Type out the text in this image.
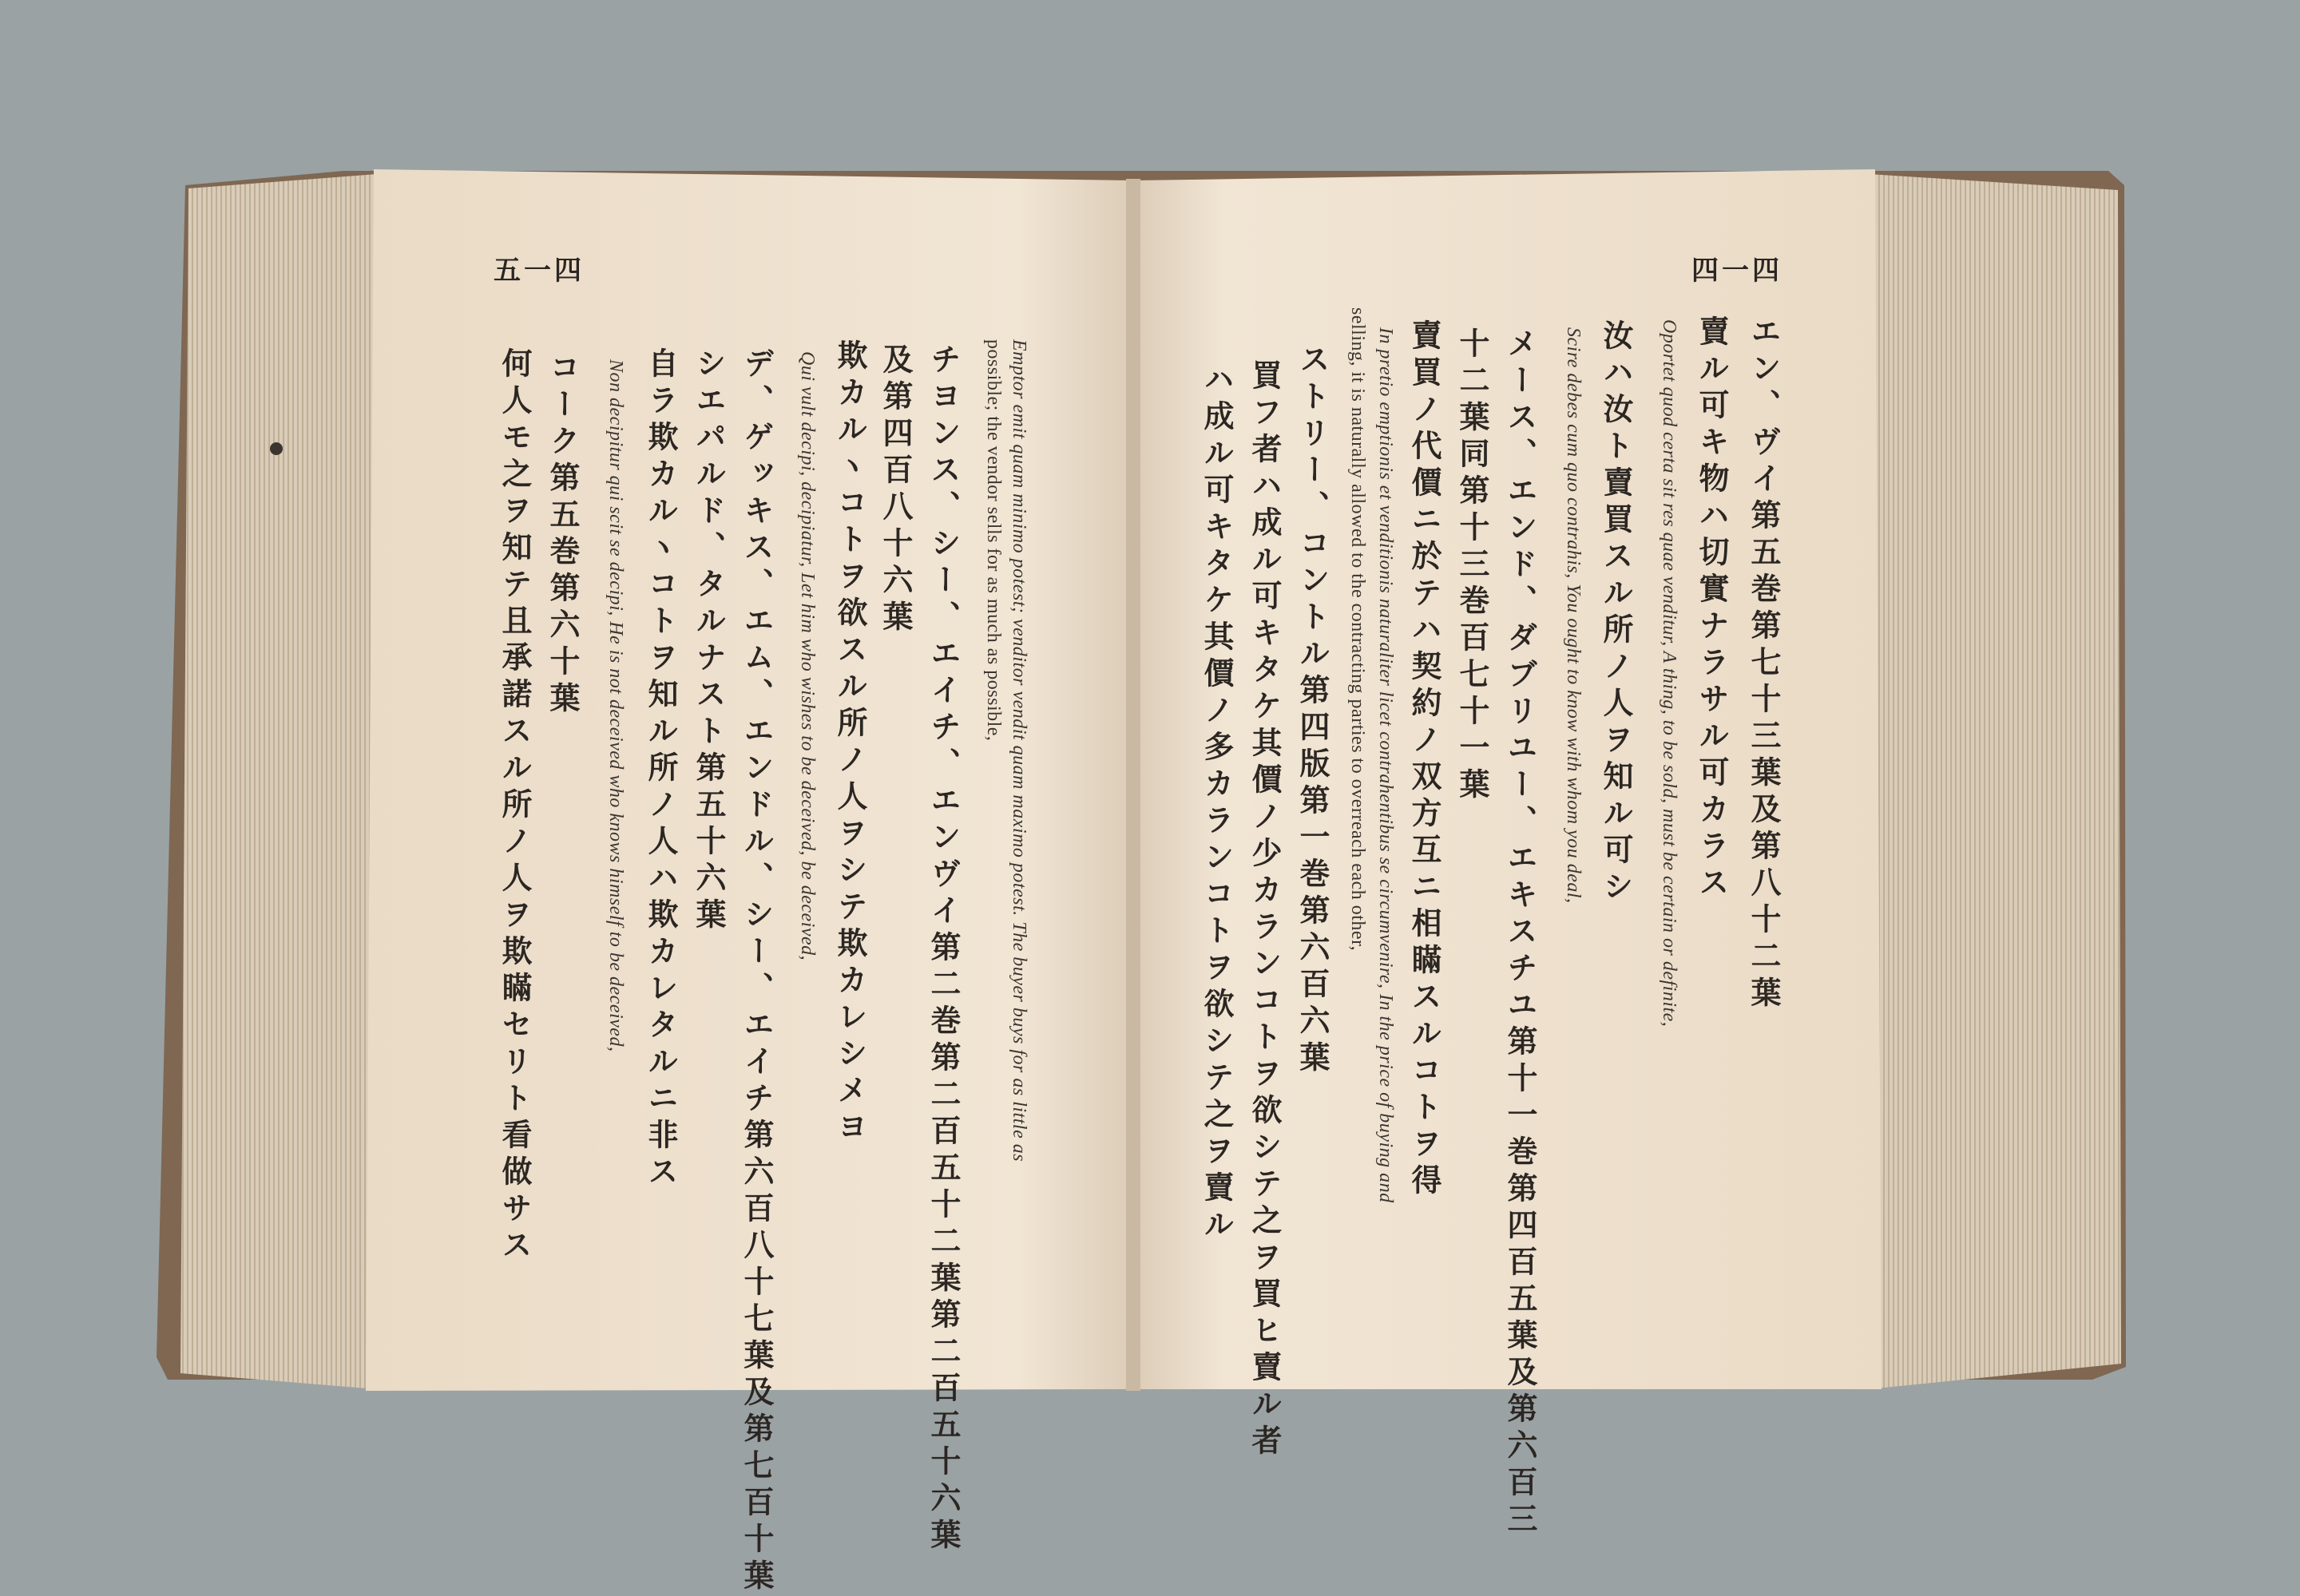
五一四
何人モ之ヲ知テ且承諾スル所ノ人ヲ欺瞞セリト看做サス コーク第五巻第六十葉 Non decipitur qui scit se decipi, He is not deceived who knows himself to be deceived, 自ラ欺カルヽコトヲ知ル所ノ人ハ欺カレタルニ非ス シエパルド、タルナスト第五十六葉 デ、ゲッキス、エム、エンドル、シー、エイチ第六百八十七葉及第七百十葉 Qui vult decipi, decipiatur, Let him who wishes to be deceived, be deceived, 欺カルヽコトヲ欲スル所ノ人ヲシテ欺カレシメヨ 及第四百八十六葉 チヨンス、シー、エイチ、エンヴイ第二巻第二百五十二葉第二百五十六葉 possible; the vendor sells for as much as possible, Emptor emit quam minimo potest; venditor vendit quam maximo potest. The buyer buys for as little as
四一四
エン、ヴイ第五巻第七十三葉及第八十二葉
賣ル可キ物ハ切實ナラサル可カラス
Oportet quod certa sit res quae venditur, A thing, to be sold, must be certain or definite,
汝ハ汝ト賣買スル所ノ人ヲ知ル可シ
Scire debes cum quo contrahis, You ought to know with whom you deal,
メース、エンド、ダブリユー、エキスチユ第十一巻第四百五葉及第六百三
十二葉同第十三巻百七十一葉
賣買ノ代價ニ於テハ契約ノ双方互ニ相瞞スルコトヲ得
In pretio emptionis et venditionis naturaliter licet contrahentibus se circumvenire, In the price of buying and
selling, it is naturally allowed to the contracting parties to overreach each other,
ストリー、コントル第四版第一巻第六百六葉
買フ者ハ成ル可キタケ其價ノ少カランコトヲ欲シテ之ヲ買ヒ賣ル者
ハ成ル可キタケ其價ノ多カランコトヲ欲シテ之ヲ賣ル
